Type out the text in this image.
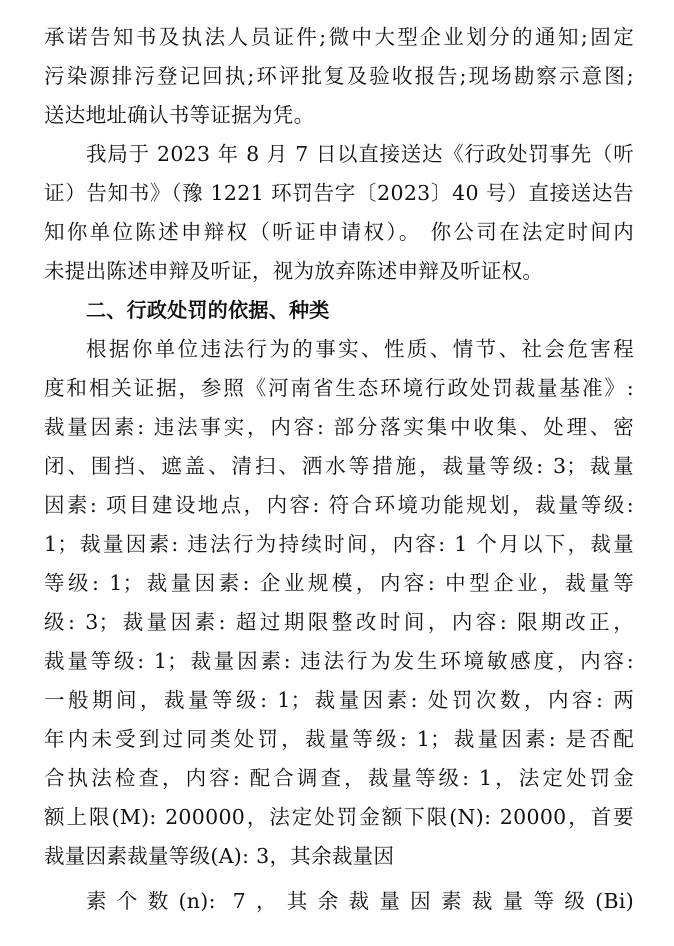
承诺告知书及执法人员证件;微中大型企业划分的通知;固定
污染源排污登记回执;环评批复及验收报告;现场勘察示意图;
送达地址确认书等证据为凭。
我局于 2023 年 8 月 7 日以直接送达《行政处罚事先（听
证）告知书》（豫 1221 环罚告字〔2023〕40 号）直接送达告
知你单位陈述申辩权（听证申请权）。 你公司在法定时间内
未提出陈述申辩及听证，视为放弃陈述申辩及听证权。
二、行政处罚的依据、种类
根据你单位违法行为的事实、性质、情节、社会危害程
度和相关证据，参照《河南省生态环境行政处罚裁量基准》:
裁量因素: 违法事实，内容: 部分落实集中收集、处理、密
闭、围挡、遮盖、清扫、洒水等措施，裁量等级: 3；裁量
因素: 项目建设地点，内容: 符合环境功能规划，裁量等级:
1；裁量因素: 违法行为持续时间，内容: 1 个月以下，裁量
等级: 1；裁量因素: 企业规模，内容: 中型企业，裁量等
级: 3；裁量因素: 超过期限整改时间，内容: 限期改正，
裁量等级: 1；裁量因素: 违法行为发生环境敏感度，内容:
一般期间，裁量等级: 1；裁量因素: 处罚次数，内容: 两
年内未受到过同类处罚，裁量等级: 1；裁量因素: 是否配
合执法检查，内容: 配合调查，裁量等级: 1，法定处罚金
额上限(M): 200000，法定处罚金额下限(N): 20000，首要
裁量因素裁量等级(A): 3，其余裁量因
素个数(n): 7，其余裁量因素裁量等级(Bi)
